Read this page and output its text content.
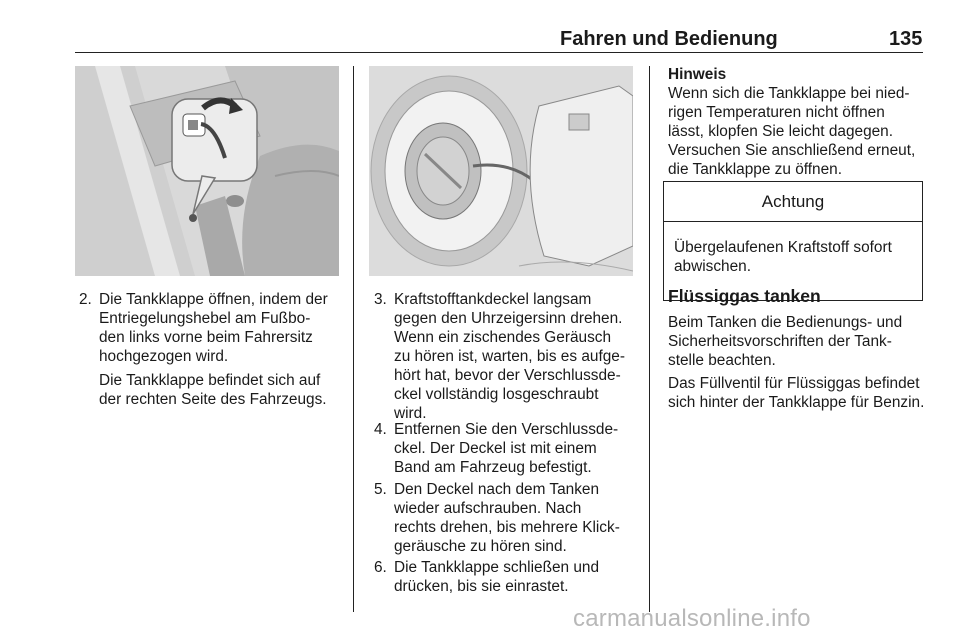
Fahren und Bedienung	135
2. Die Tankklappe öffnen, indem der
Entriegelungshebel am Fußbo-
den links vorne beim Fahrersitz
hochgezogen wird.
Die Tankklappe befindet sich auf
der rechten Seite des Fahrzeugs.
3. Kraftstofftankdeckel langsam
gegen den Uhrzeigersinn drehen.
Wenn ein zischendes Geräusch
zu hören ist, warten, bis es aufge-
hört hat, bevor der Verschlussde-
ckel vollständig losgeschraubt
wird.
4. Entfernen Sie den Verschlussde-
ckel. Der Deckel ist mit einem
Band am Fahrzeug befestigt.
5. Den Deckel nach dem Tanken
wieder aufschrauben. Nach
rechts drehen, bis mehrere Klick-
geräusche zu hören sind.
6. Die Tankklappe schließen und
drücken, bis sie einrastet.
Hinweis
Wenn sich die Tankklappe bei nied-
rigen Temperaturen nicht öffnen
lässt, klopfen Sie leicht dagegen.
Versuchen Sie anschließend erneut,
die Tankklappe zu öffnen.
Achtung
Übergelaufenen Kraftstoff sofort
abwischen.
Flüssiggas tanken
Beim Tanken die Bedienungs- und
Sicherheitsvorschriften der Tank-
stelle beachten.
Das Füllventil für Flüssiggas befindet
sich hinter der Tankklappe für Benzin.
carmanualsonline.info
